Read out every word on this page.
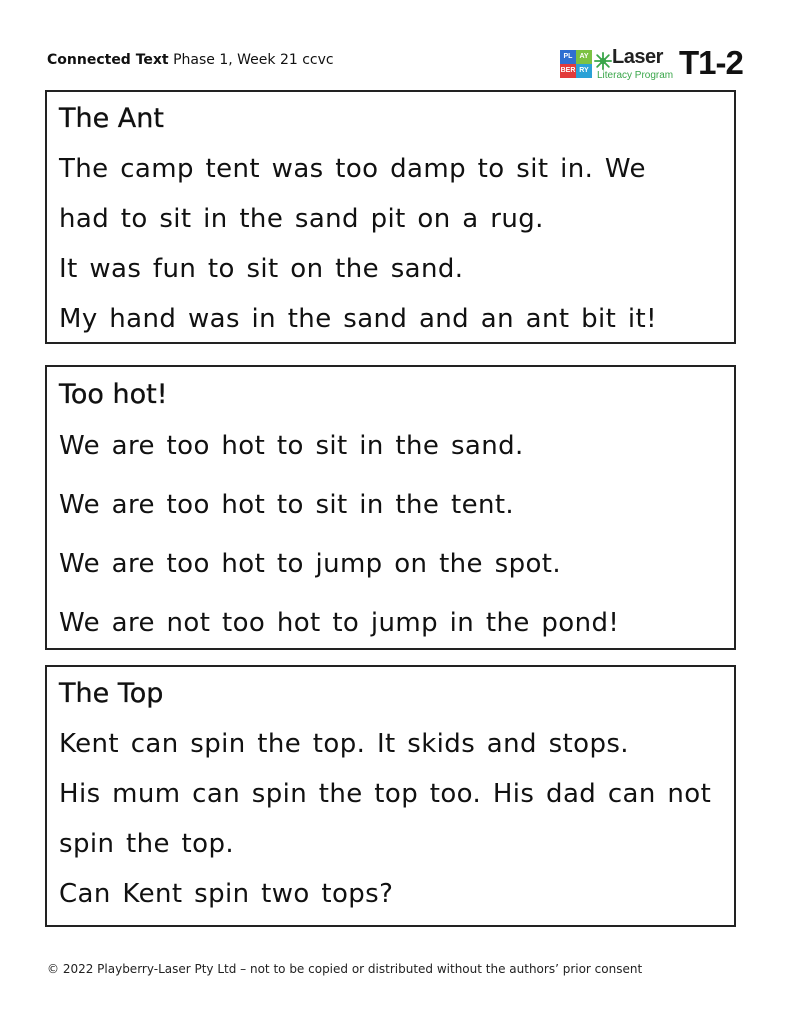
Connected Text Phase 1, Week 21 ccvc	PL AY
BER RY
Laser
Literacy Program T1-2
The Ant
The camp tent was too damp to sit in. We
had to sit in the sand pit on a rug.
It was fun to sit on the sand.
My hand was in the sand and an ant bit it!
Too hot!
We are too hot to sit in the sand.
We are too hot to sit in the tent.
We are too hot to jump on the spot.
We are not too hot to jump in the pond!
The Top
Kent can spin the top. It skids and stops.
His mum can spin the top too. His dad can not
spin the top.
Can Kent spin two tops?
© 2022 Playberry-Laser Pty Ltd – not to be copied or distributed without the authors’ prior consent
